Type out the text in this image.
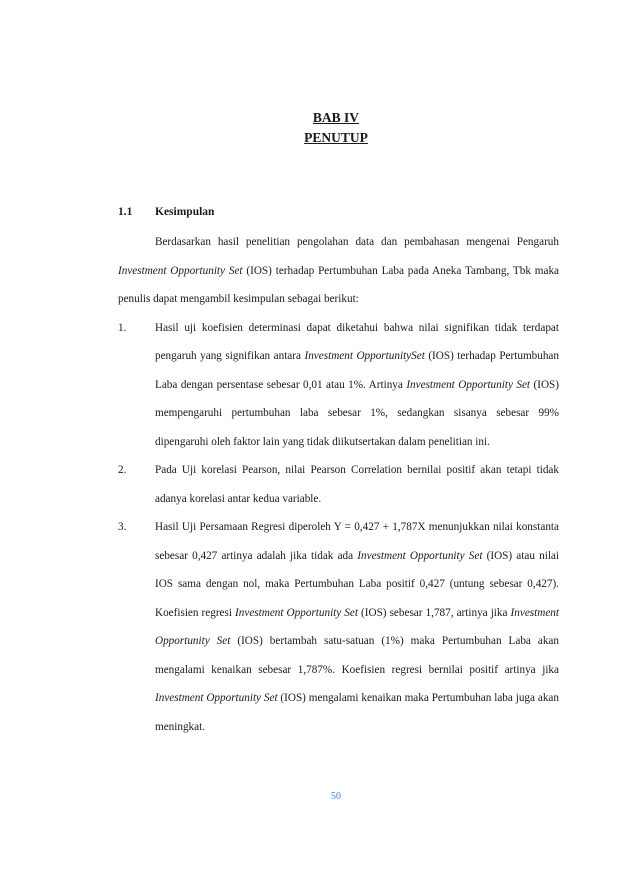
BAB IV
PENUTUP
1.1 Kesimpulan

Berdasarkan hasil penelitian pengolahan data dan pembahasan mengenai Pengaruh Investment Opportunity Set (IOS) terhadap Pertumbuhan Laba pada Aneka Tambang, Tbk maka penulis dapat mengambil kesimpulan sebagai berikut:

1.	Hasil uji koefisien determinasi dapat diketahui bahwa nilai signifikan tidak terdapat pengaruh yang signifikan antara Investment OpportunitySet (IOS) terhadap Pertumbuhan Laba dengan persentase sebesar 0,01 atau 1%. Artinya Investment Opportunity Set (IOS) mempengaruhi pertumbuhan laba sebesar 1%, sedangkan sisanya sebesar 99% dipengaruhi oleh faktor lain yang tidak diikutsertakan dalam penelitian ini.
2.	Pada Uji korelasi Pearson, nilai Pearson Correlation bernilai positif akan tetapi tidak adanya korelasi antar kedua variable.
3.	Hasil Uji Persamaan Regresi diperoleh Y = 0,427 + 1,787X menunjukkan nilai konstanta sebesar 0,427 artinya adalah jika tidak ada Investment Opportunity Set (IOS) atau nilai IOS sama dengan nol, maka Pertumbuhan Laba positif 0,427 (untung sebesar 0,427). Koefisien regresi Investment Opportunity Set (IOS) sebesar 1,787, artinya jika Investment Opportunity Set (IOS) bertambah satu-satuan (1%) maka Pertumbuhan Laba akan mengalami kenaikan sebesar 1,787%. Koefisien regresi bernilai positif artinya jika Investment Opportunity Set (IOS) mengalami kenaikan maka Pertumbuhan laba juga akan meningkat.
50
